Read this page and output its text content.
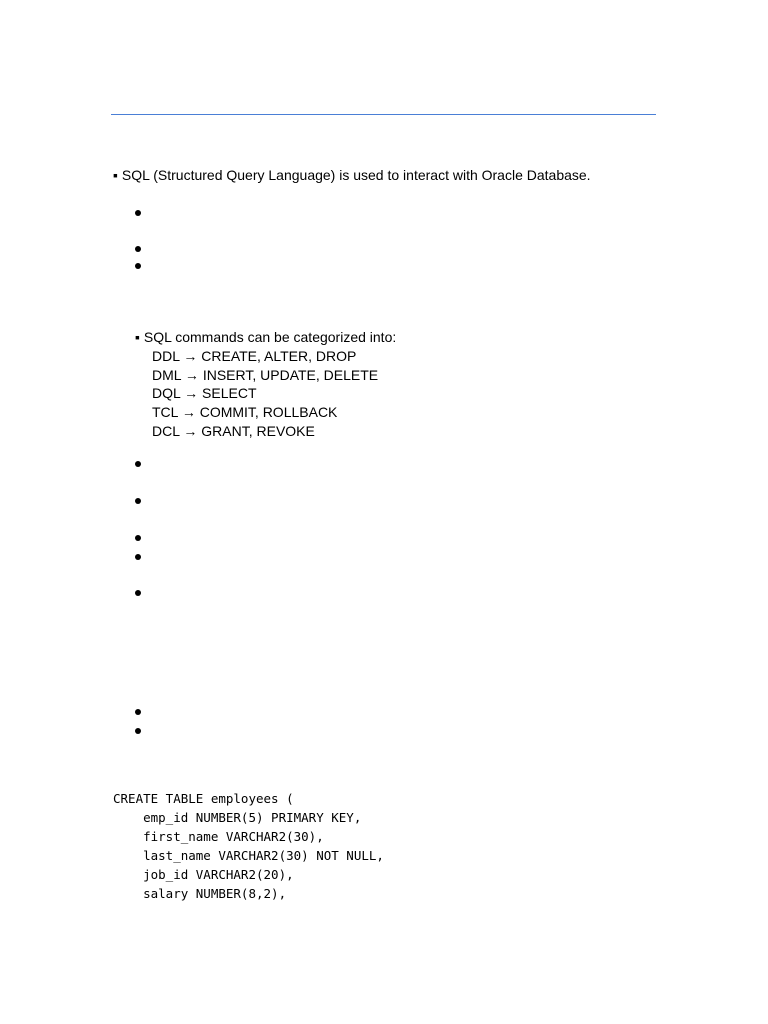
▪ SQL (Structured Query Language) is used to interact with Oracle Database.
▪ SQL commands can be categorized into:
DDL → CREATE, ALTER, DROP
DML → INSERT, UPDATE, DELETE
DQL → SELECT
TCL → COMMIT, ROLLBACK
DCL → GRANT, REVOKE
CREATE TABLE employees (
emp_id NUMBER(5) PRIMARY KEY,
first_name VARCHAR2(30),
last_name VARCHAR2(30) NOT NULL,
job_id VARCHAR2(20),
salary NUMBER(8,2),
